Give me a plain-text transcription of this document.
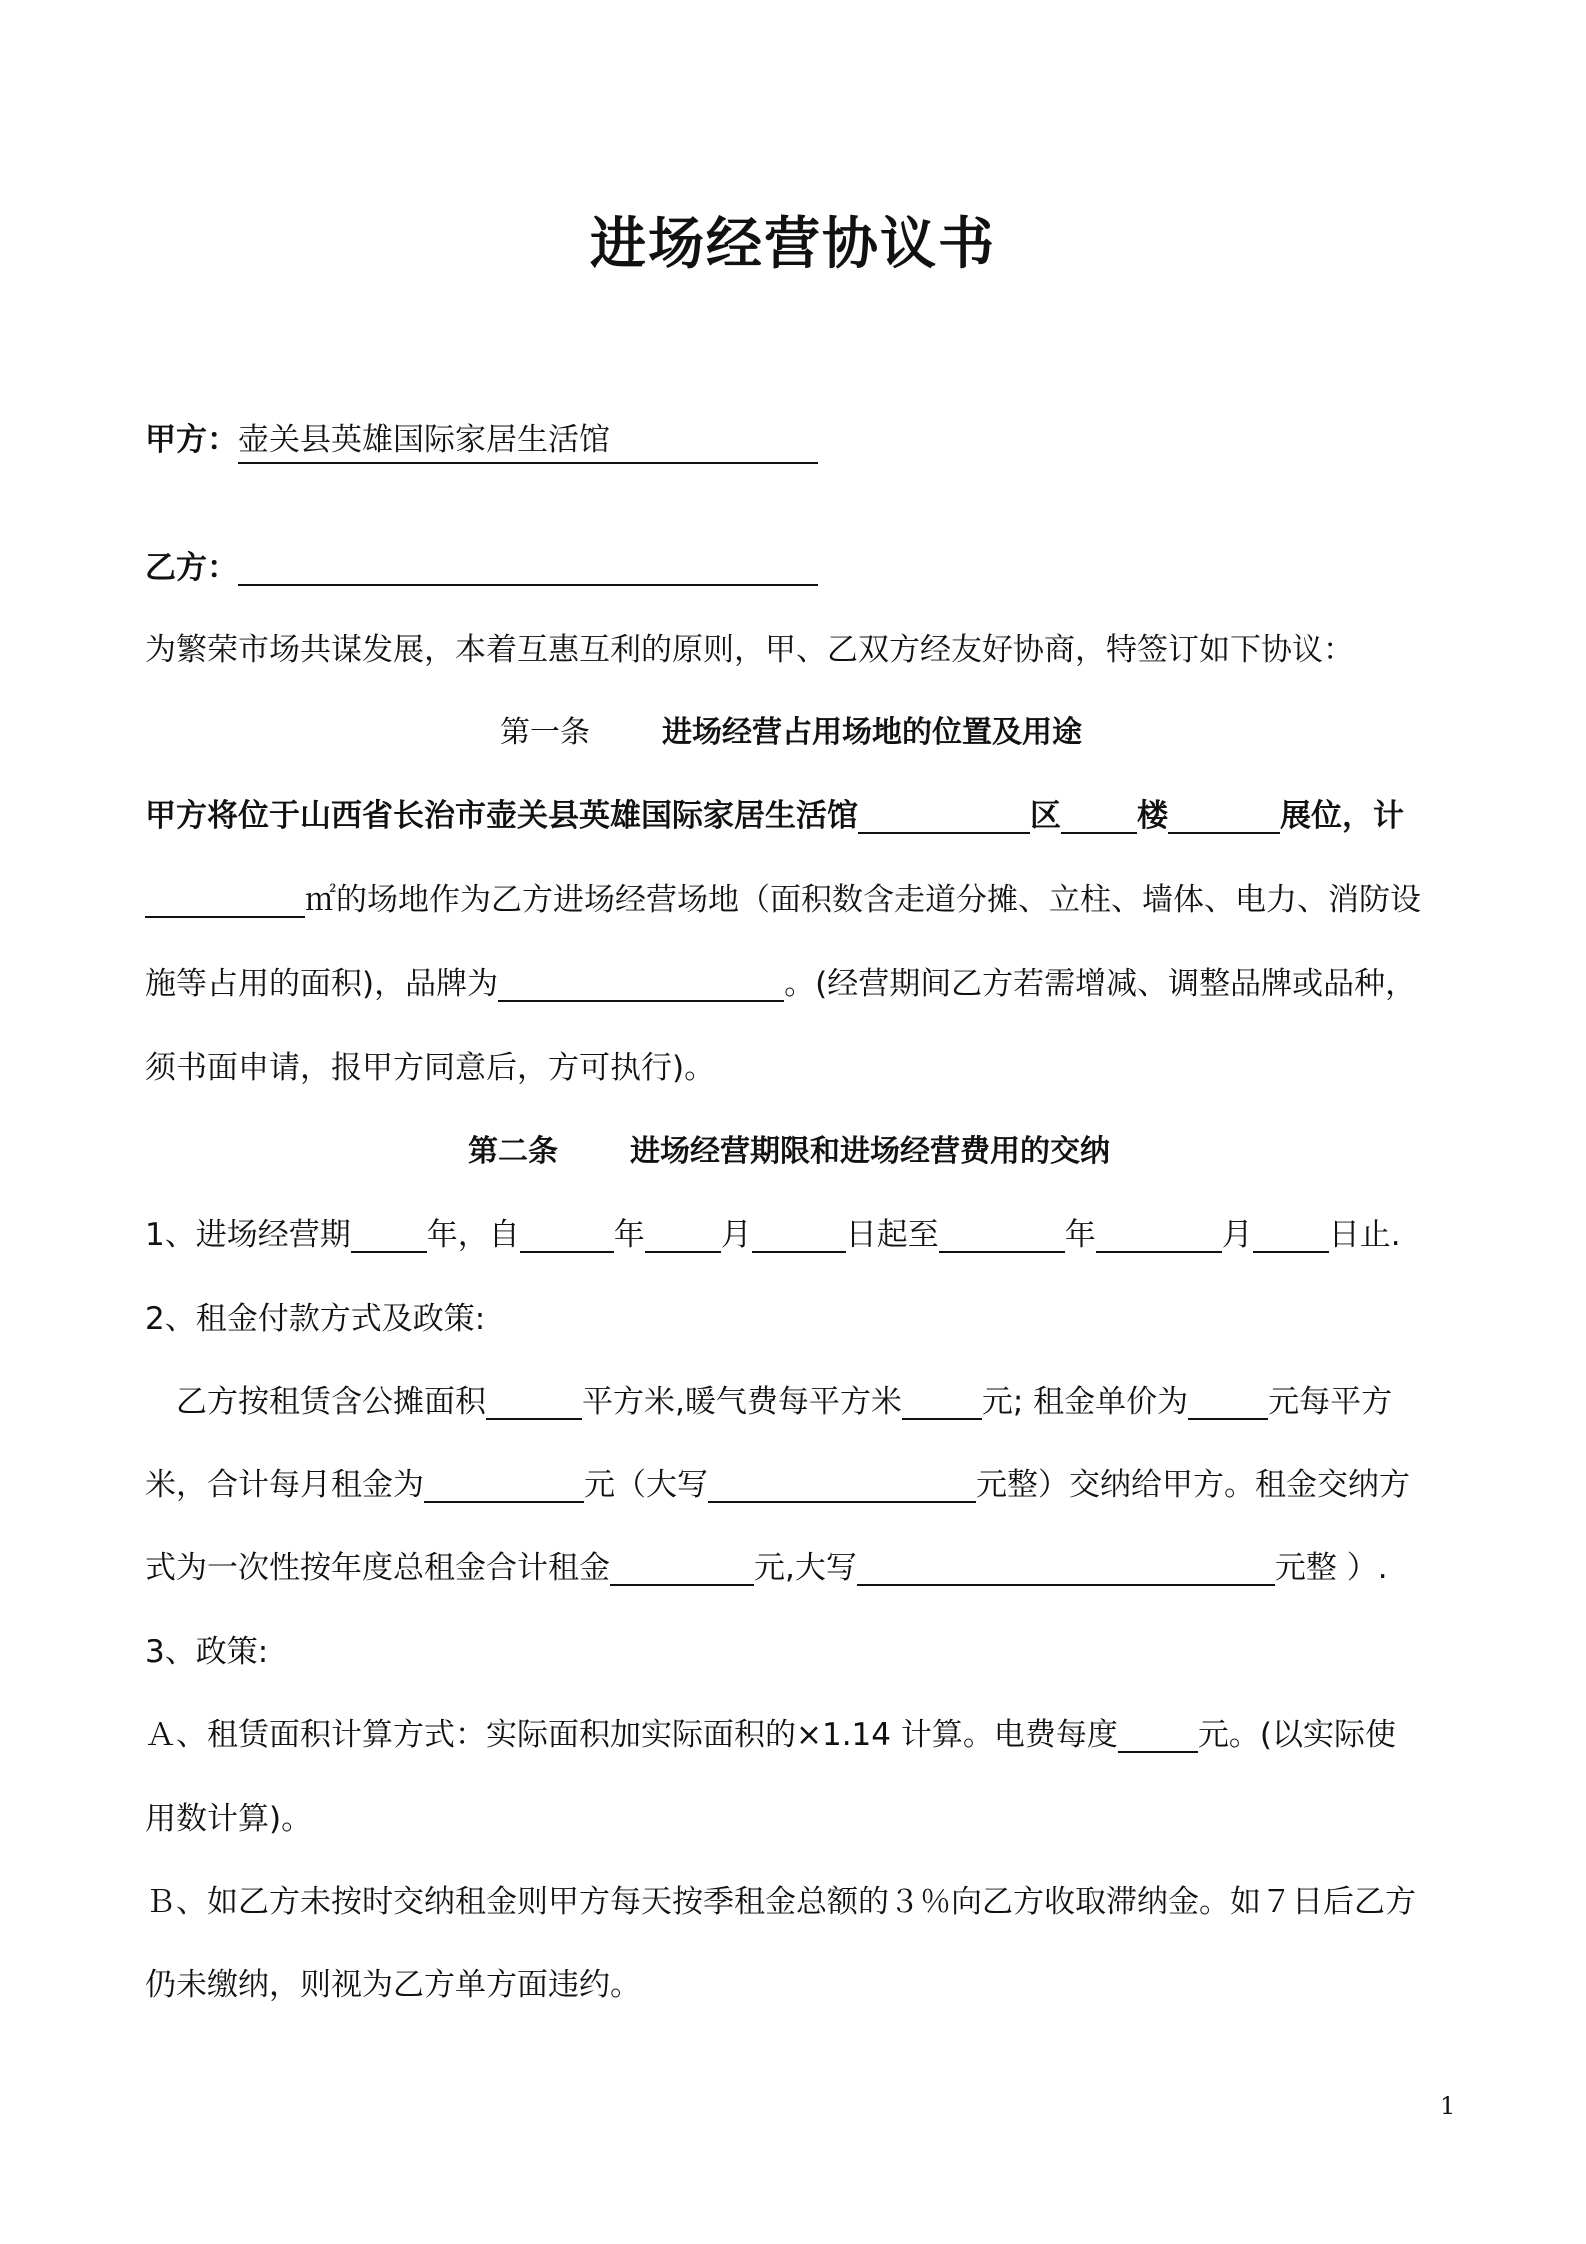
进场经营协议书
甲方：壶关县英雄国际家居生活馆
乙方：
为繁荣市场共谋发展，本着互惠互利的原则，甲、乙双方经友好协商，特签订如下协议：
第一条 进场经营占用场地的位置及用途
甲方将位于山西省长治市壶关县英雄国际家居生活馆	区 楼	展位，计
㎡的场地作为乙方进场经营场地（面积数含走道分摊、立柱、墙体、电力、消防设
施等占用的面积)，品牌为	。(经营期间乙方若需增减、调整品牌或品种，
须书面申请，报甲方同意后，方可执行)。
第二条 进场经营期限和进场经营费用的交纳
1、进场经营期 年，自	年 月	日起至	年	月 日止.
2、租金付款方式及政策:
乙方按租赁含公摊面积	平方米,暖气费每平方米	元; 租金单价为	元每平方
米，合计每月租金为	元（大写	元整）交纳给甲方。租金交纳方
式为一次性按年度总租金合计租金	元,大写	元整 ）.
3、政策:
Ａ、租赁面积计算方式：实际面积加实际面积的×1.14 计算。电费每度	元。(以实际使
用数计算)。
Ｂ、如乙方未按时交纳租金则甲方每天按季租金总额的３％向乙方收取滞纳金。如７日后乙方
仍未缴纳，则视为乙方单方面违约。
1
